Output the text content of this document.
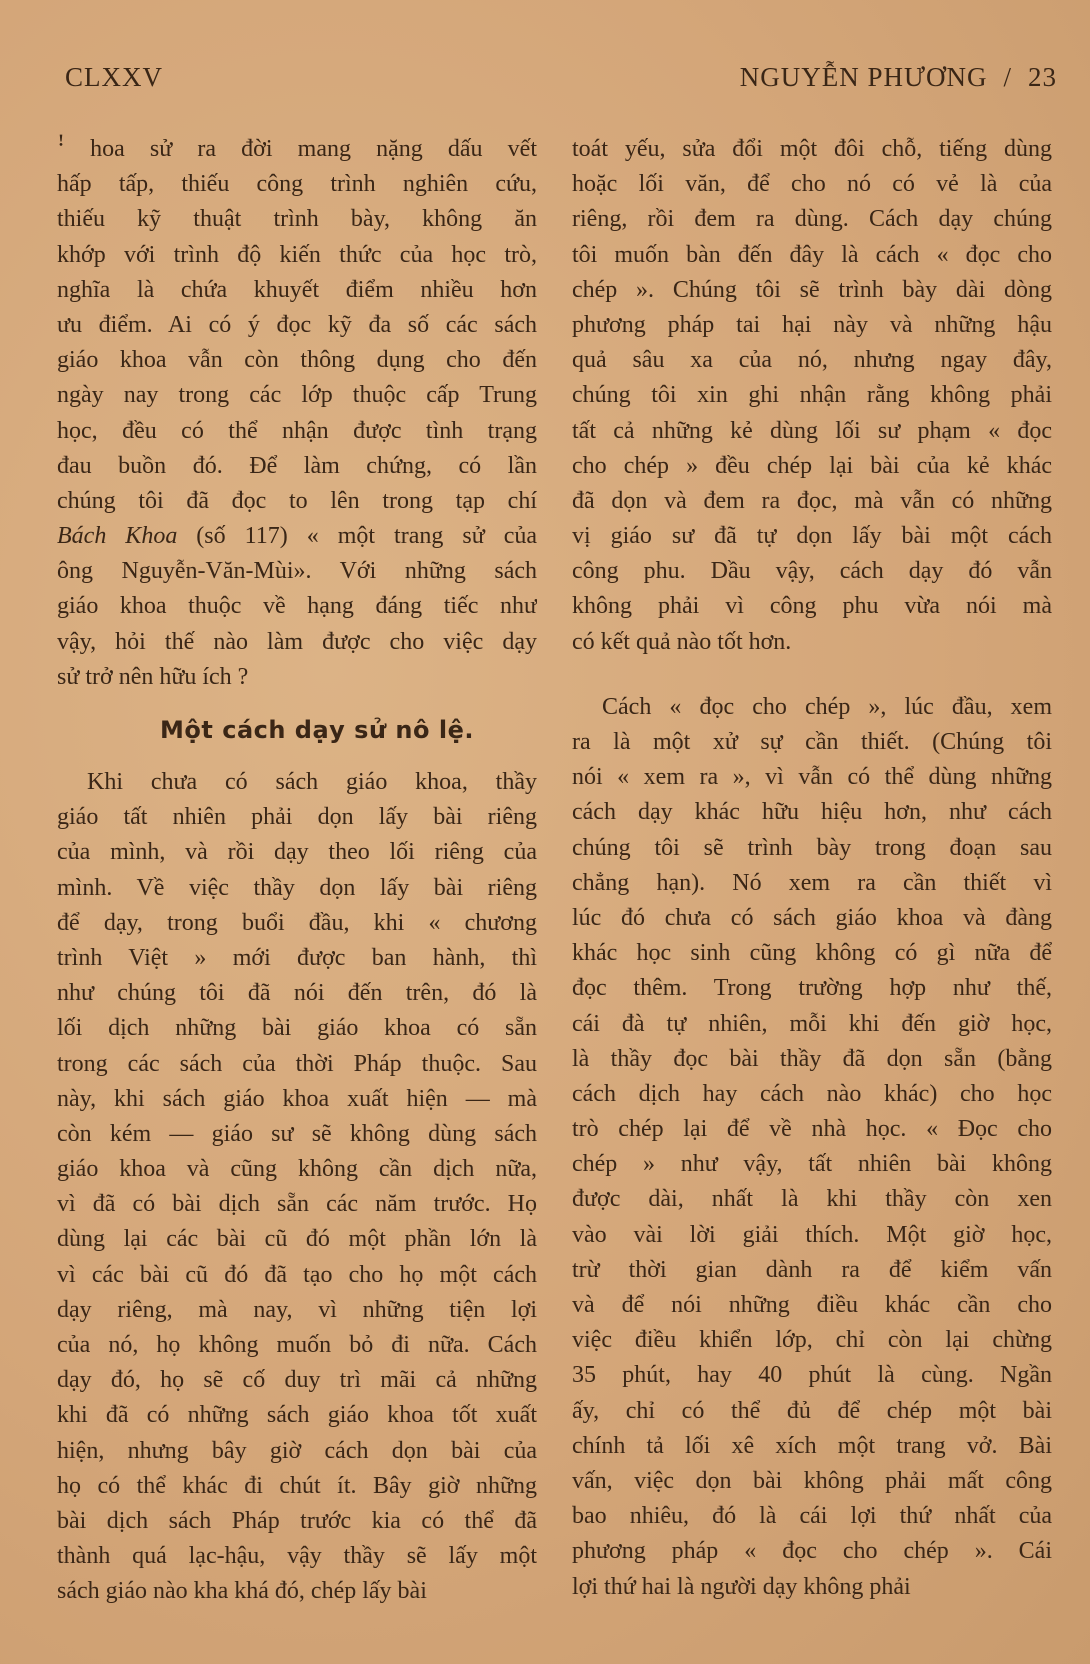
CLXXV	NGUYỄN PHƯƠNG / 23
ꜝ hoa sử ra đời mang nặng dấu vết
hấp tấp, thiếu công trình nghiên cứu,
thiếu kỹ thuật trình bày, không ăn
khớp với trình độ kiến thức của học trò,
nghĩa là chứa khuyết điểm nhiều hơn
ưu điểm. Ai có ý đọc kỹ đa số các sách
giáo khoa vẫn còn thông dụng cho đến
ngày nay trong các lớp thuộc cấp Trung
học, đều có thể nhận được tình trạng
đau buồn đó. Để làm chứng, có lần
chúng tôi đã đọc to lên trong tạp chí
Bách Khoa (số 117) « một trang sử của
ông Nguyễn-Văn-Mùi». Với những sách
giáo khoa thuộc về hạng đáng tiếc như
vậy, hỏi thế nào làm được cho việc dạy
sử trở nên hữu ích ?
Một cách dạy sử nô lệ.
Khi chưa có sách giáo khoa, thầy
giáo tất nhiên phải dọn lấy bài riêng
của mình, và rồi dạy theo lối riêng của
mình. Về việc thầy dọn lấy bài riêng
để dạy, trong buổi đầu, khi « chương
trình Việt » mới được ban hành, thì
như chúng tôi đã nói đến trên, đó là
lối dịch những bài giáo khoa có sẵn
trong các sách của thời Pháp thuộc. Sau
này, khi sách giáo khoa xuất hiện — mà
còn kém — giáo sư sẽ không dùng sách
giáo khoa và cũng không cần dịch nữa,
vì đã có bài dịch sẵn các năm trước. Họ
dùng lại các bài cũ đó một phần lớn là
vì các bài cũ đó đã tạo cho họ một cách
dạy riêng, mà nay, vì những tiện lợi
của nó, họ không muốn bỏ đi nữa. Cách
dạy đó, họ sẽ cố duy trì mãi cả những
khi đã có những sách giáo khoa tốt xuất
hiện, nhưng bây giờ cách dọn bài của
họ có thể khác đi chút ít. Bây giờ những
bài dịch sách Pháp trước kia có thể đã
thành quá lạc-hậu, vậy thầy sẽ lấy một
sách giáo nào kha khá đó, chép lấy bài
toát yếu, sửa đổi một đôi chỗ, tiếng dùng
hoặc lối văn, để cho nó có vẻ là của
riêng, rồi đem ra dùng. Cách dạy chúng
tôi muốn bàn đến đây là cách « đọc cho
chép ». Chúng tôi sẽ trình bày dài dòng
phương pháp tai hại này và những hậu
quả sâu xa của nó, nhưng ngay đây,
chúng tôi xin ghi nhận rằng không phải
tất cả những kẻ dùng lối sư phạm « đọc
cho chép » đều chép lại bài của kẻ khác
đã dọn và đem ra đọc, mà vẫn có những
vị giáo sư đã tự dọn lấy bài một cách
công phu. Dầu vậy, cách dạy đó vẫn
không phải vì công phu vừa nói mà
có kết quả nào tốt hơn.
Cách « đọc cho chép », lúc đầu, xem
ra là một xử sự cần thiết. (Chúng tôi
nói « xem ra », vì vẫn có thể dùng những
cách dạy khác hữu hiệu hơn, như cách
chúng tôi sẽ trình bày trong đoạn sau
chẳng hạn). Nó xem ra cần thiết vì
lúc đó chưa có sách giáo khoa và đàng
khác học sinh cũng không có gì nữa để
đọc thêm. Trong trường hợp như thế,
cái đà tự nhiên, mỗi khi đến giờ học,
là thầy đọc bài thầy đã dọn sẵn (bằng
cách dịch hay cách nào khác) cho học
trò chép lại để về nhà học. « Đọc cho
chép » như vậy, tất nhiên bài không
được dài, nhất là khi thầy còn xen
vào vài lời giải thích. Một giờ học,
trừ thời gian dành ra để kiểm vấn
và để nói những điều khác cần cho
việc điều khiển lớp, chỉ còn lại chừng
35 phút, hay 40 phút là cùng. Ngần
ấy, chỉ có thể đủ để chép một bài
chính tả lối xê xích một trang vở. Bài
vấn, việc dọn bài không phải mất công
bao nhiêu, đó là cái lợi thứ nhất của
phương pháp « đọc cho chép ». Cái
lợi thứ hai là người dạy không phải
